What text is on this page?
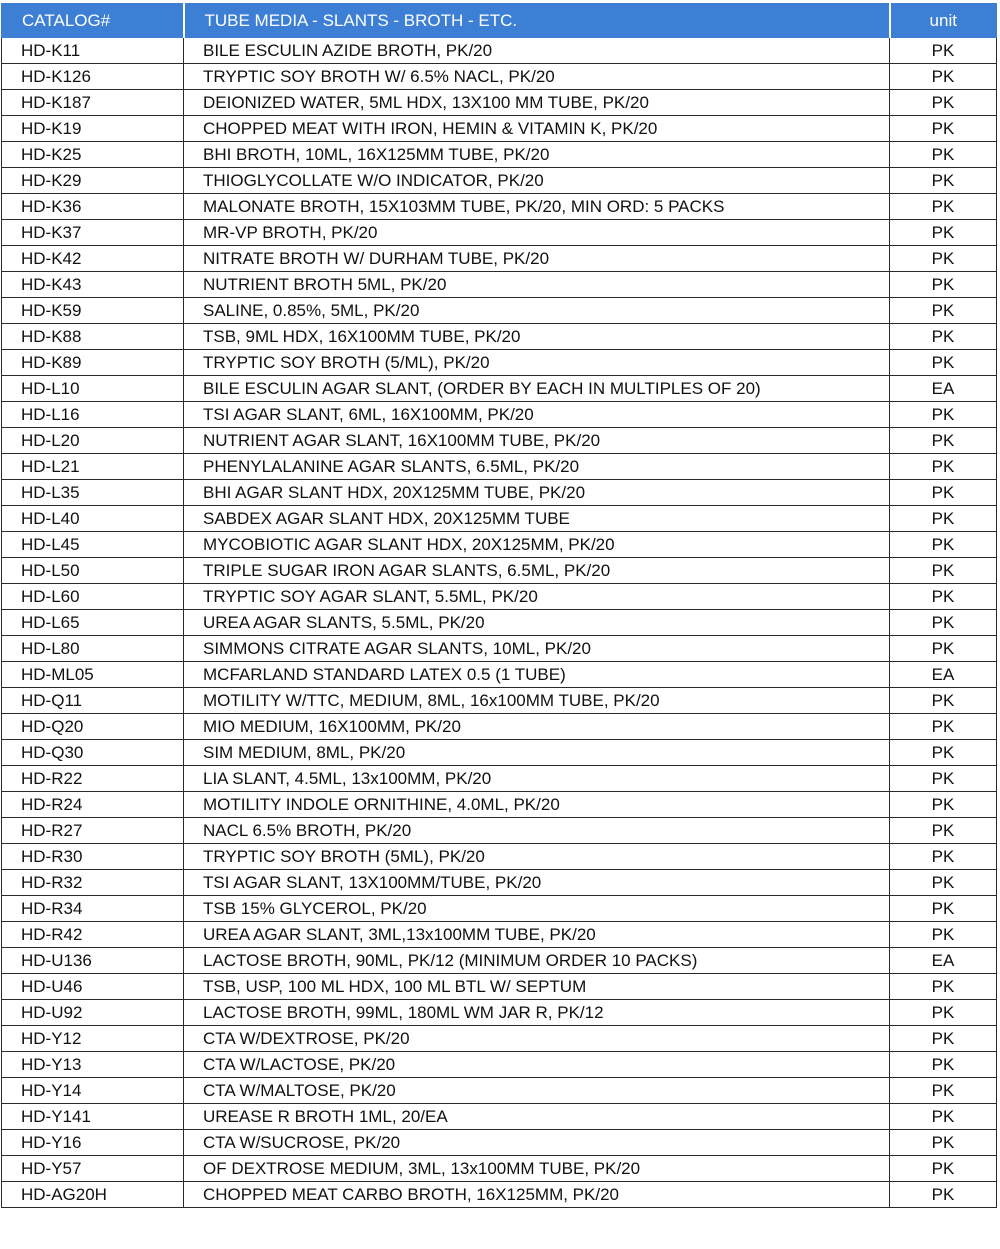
CATALOG#	TUBE MEDIA - SLANTS - BROTH - ETC.	unit
HD-K11	BILE ESCULIN AZIDE BROTH, PK/20	PK
HD-K126	TRYPTIC SOY BROTH W/ 6.5% NACL, PK/20	PK
HD-K187	DEIONIZED WATER, 5ML HDX, 13X100 MM TUBE, PK/20	PK
HD-K19	CHOPPED MEAT WITH IRON, HEMIN & VITAMIN K, PK/20	PK
HD-K25	BHI BROTH, 10ML, 16X125MM TUBE, PK/20	PK
HD-K29	THIOGLYCOLLATE W/O INDICATOR, PK/20	PK
HD-K36	MALONATE BROTH, 15X103MM TUBE, PK/20, MIN ORD: 5 PACKS	PK
HD-K37	MR-VP BROTH, PK/20	PK
HD-K42	NITRATE BROTH W/ DURHAM TUBE, PK/20	PK
HD-K43	NUTRIENT BROTH 5ML, PK/20	PK
HD-K59	SALINE, 0.85%, 5ML, PK/20	PK
HD-K88	TSB, 9ML HDX, 16X100MM TUBE, PK/20	PK
HD-K89	TRYPTIC SOY BROTH (5/ML), PK/20	PK
HD-L10	BILE ESCULIN AGAR SLANT, (ORDER BY EACH IN MULTIPLES OF 20)	EA
HD-L16	TSI AGAR SLANT, 6ML, 16X100MM, PK/20	PK
HD-L20	NUTRIENT AGAR SLANT, 16X100MM TUBE, PK/20	PK
HD-L21	PHENYLALANINE AGAR SLANTS, 6.5ML, PK/20	PK
HD-L35	BHI AGAR SLANT HDX, 20X125MM TUBE, PK/20	PK
HD-L40	SABDEX AGAR SLANT HDX, 20X125MM TUBE	PK
HD-L45	MYCOBIOTIC AGAR SLANT HDX, 20X125MM, PK/20	PK
HD-L50	TRIPLE SUGAR IRON AGAR SLANTS, 6.5ML, PK/20	PK
HD-L60	TRYPTIC SOY AGAR SLANT, 5.5ML, PK/20	PK
HD-L65	UREA AGAR SLANTS, 5.5ML, PK/20	PK
HD-L80	SIMMONS CITRATE AGAR SLANTS, 10ML, PK/20	PK
HD-ML05	MCFARLAND STANDARD LATEX 0.5 (1 TUBE)	EA
HD-Q11	MOTILITY W/TTC, MEDIUM, 8ML, 16x100MM TUBE, PK/20	PK
HD-Q20	MIO MEDIUM, 16X100MM, PK/20	PK
HD-Q30	SIM MEDIUM, 8ML, PK/20	PK
HD-R22	LIA SLANT, 4.5ML, 13x100MM, PK/20	PK
HD-R24	MOTILITY INDOLE ORNITHINE, 4.0ML, PK/20	PK
HD-R27	NACL 6.5% BROTH, PK/20	PK
HD-R30	TRYPTIC SOY BROTH (5ML), PK/20	PK
HD-R32	TSI AGAR SLANT, 13X100MM/TUBE, PK/20	PK
HD-R34	TSB 15% GLYCEROL, PK/20	PK
HD-R42	UREA AGAR SLANT, 3ML,13x100MM TUBE, PK/20	PK
HD-U136	LACTOSE BROTH, 90ML, PK/12 (MINIMUM ORDER 10 PACKS)	EA
HD-U46	TSB, USP, 100 ML HDX, 100 ML BTL W/ SEPTUM	PK
HD-U92	LACTOSE BROTH, 99ML, 180ML WM JAR R, PK/12	PK
HD-Y12	CTA W/DEXTROSE, PK/20	PK
HD-Y13	CTA W/LACTOSE, PK/20	PK
HD-Y14	CTA W/MALTOSE, PK/20	PK
HD-Y141	UREASE R BROTH 1ML, 20/EA	PK
HD-Y16	CTA W/SUCROSE, PK/20	PK
HD-Y57	OF DEXTROSE MEDIUM, 3ML, 13x100MM TUBE, PK/20	PK
HD-AG20H	CHOPPED MEAT CARBO BROTH, 16X125MM, PK/20	PK
